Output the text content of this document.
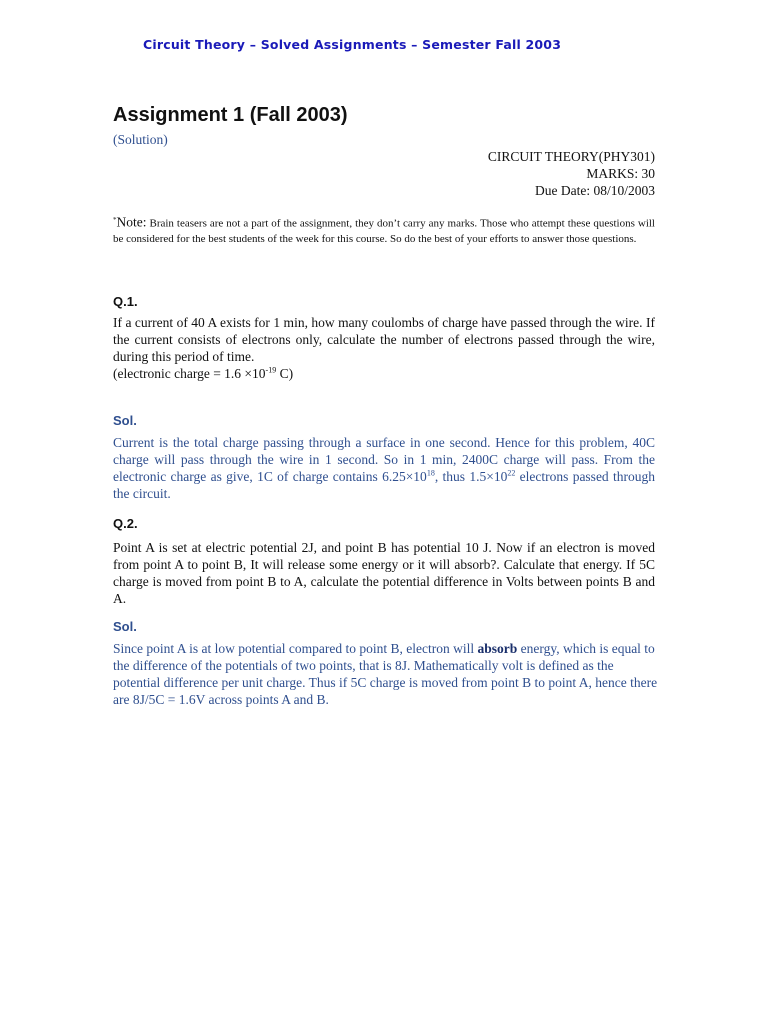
Circuit Theory – Solved Assignments – Semester Fall 2003
Assignment 1 (Fall 2003)
(Solution)
CIRCUIT THEORY(PHY301)
MARKS: 30
Due Date: 08/10/2003
*Note: Brain teasers are not a part of the assignment, they don’t carry any marks. Those who attempt these questions will be considered for the best students of the week for this course. So do the best of your efforts to answer those questions.
Q.1.
If a current of 40 A exists for 1 min, how many coulombs of charge have passed through the wire. If the current consists of electrons only, calculate the number of electrons passed through the wire, during this period of time.
(electronic charge = $1.6 \times 10^{-19}$ C)
Sol.
Current is the total charge passing through a surface in one second. Hence for this problem, 40C charge will pass through the wire in 1 second. So in 1 min, 2400C charge will pass. From the electronic charge as give, 1C of charge contains $6.25\times 10^{18}$, thus $1.5\times 10^{22}$ electrons passed through the circuit.
Q.2.
Point A is set at electric potential 2J, and point B has potential 10 J. Now if an electron is moved from point A to point B, It will release some energy or it will absorb?. Calculate that energy. If 5C charge is moved from point B to A, calculate the potential difference in Volts between points B and A.
Sol.
Since point A is at low potential compared to point B, electron will absorb energy, which is equal to the difference of the potentials of two points, that is 8J. Mathematically volt is defined as the potential difference per unit charge. Thus if 5C charge is moved from point B to point A, hence there are 8J/5C = 1.6V across points A and B.
